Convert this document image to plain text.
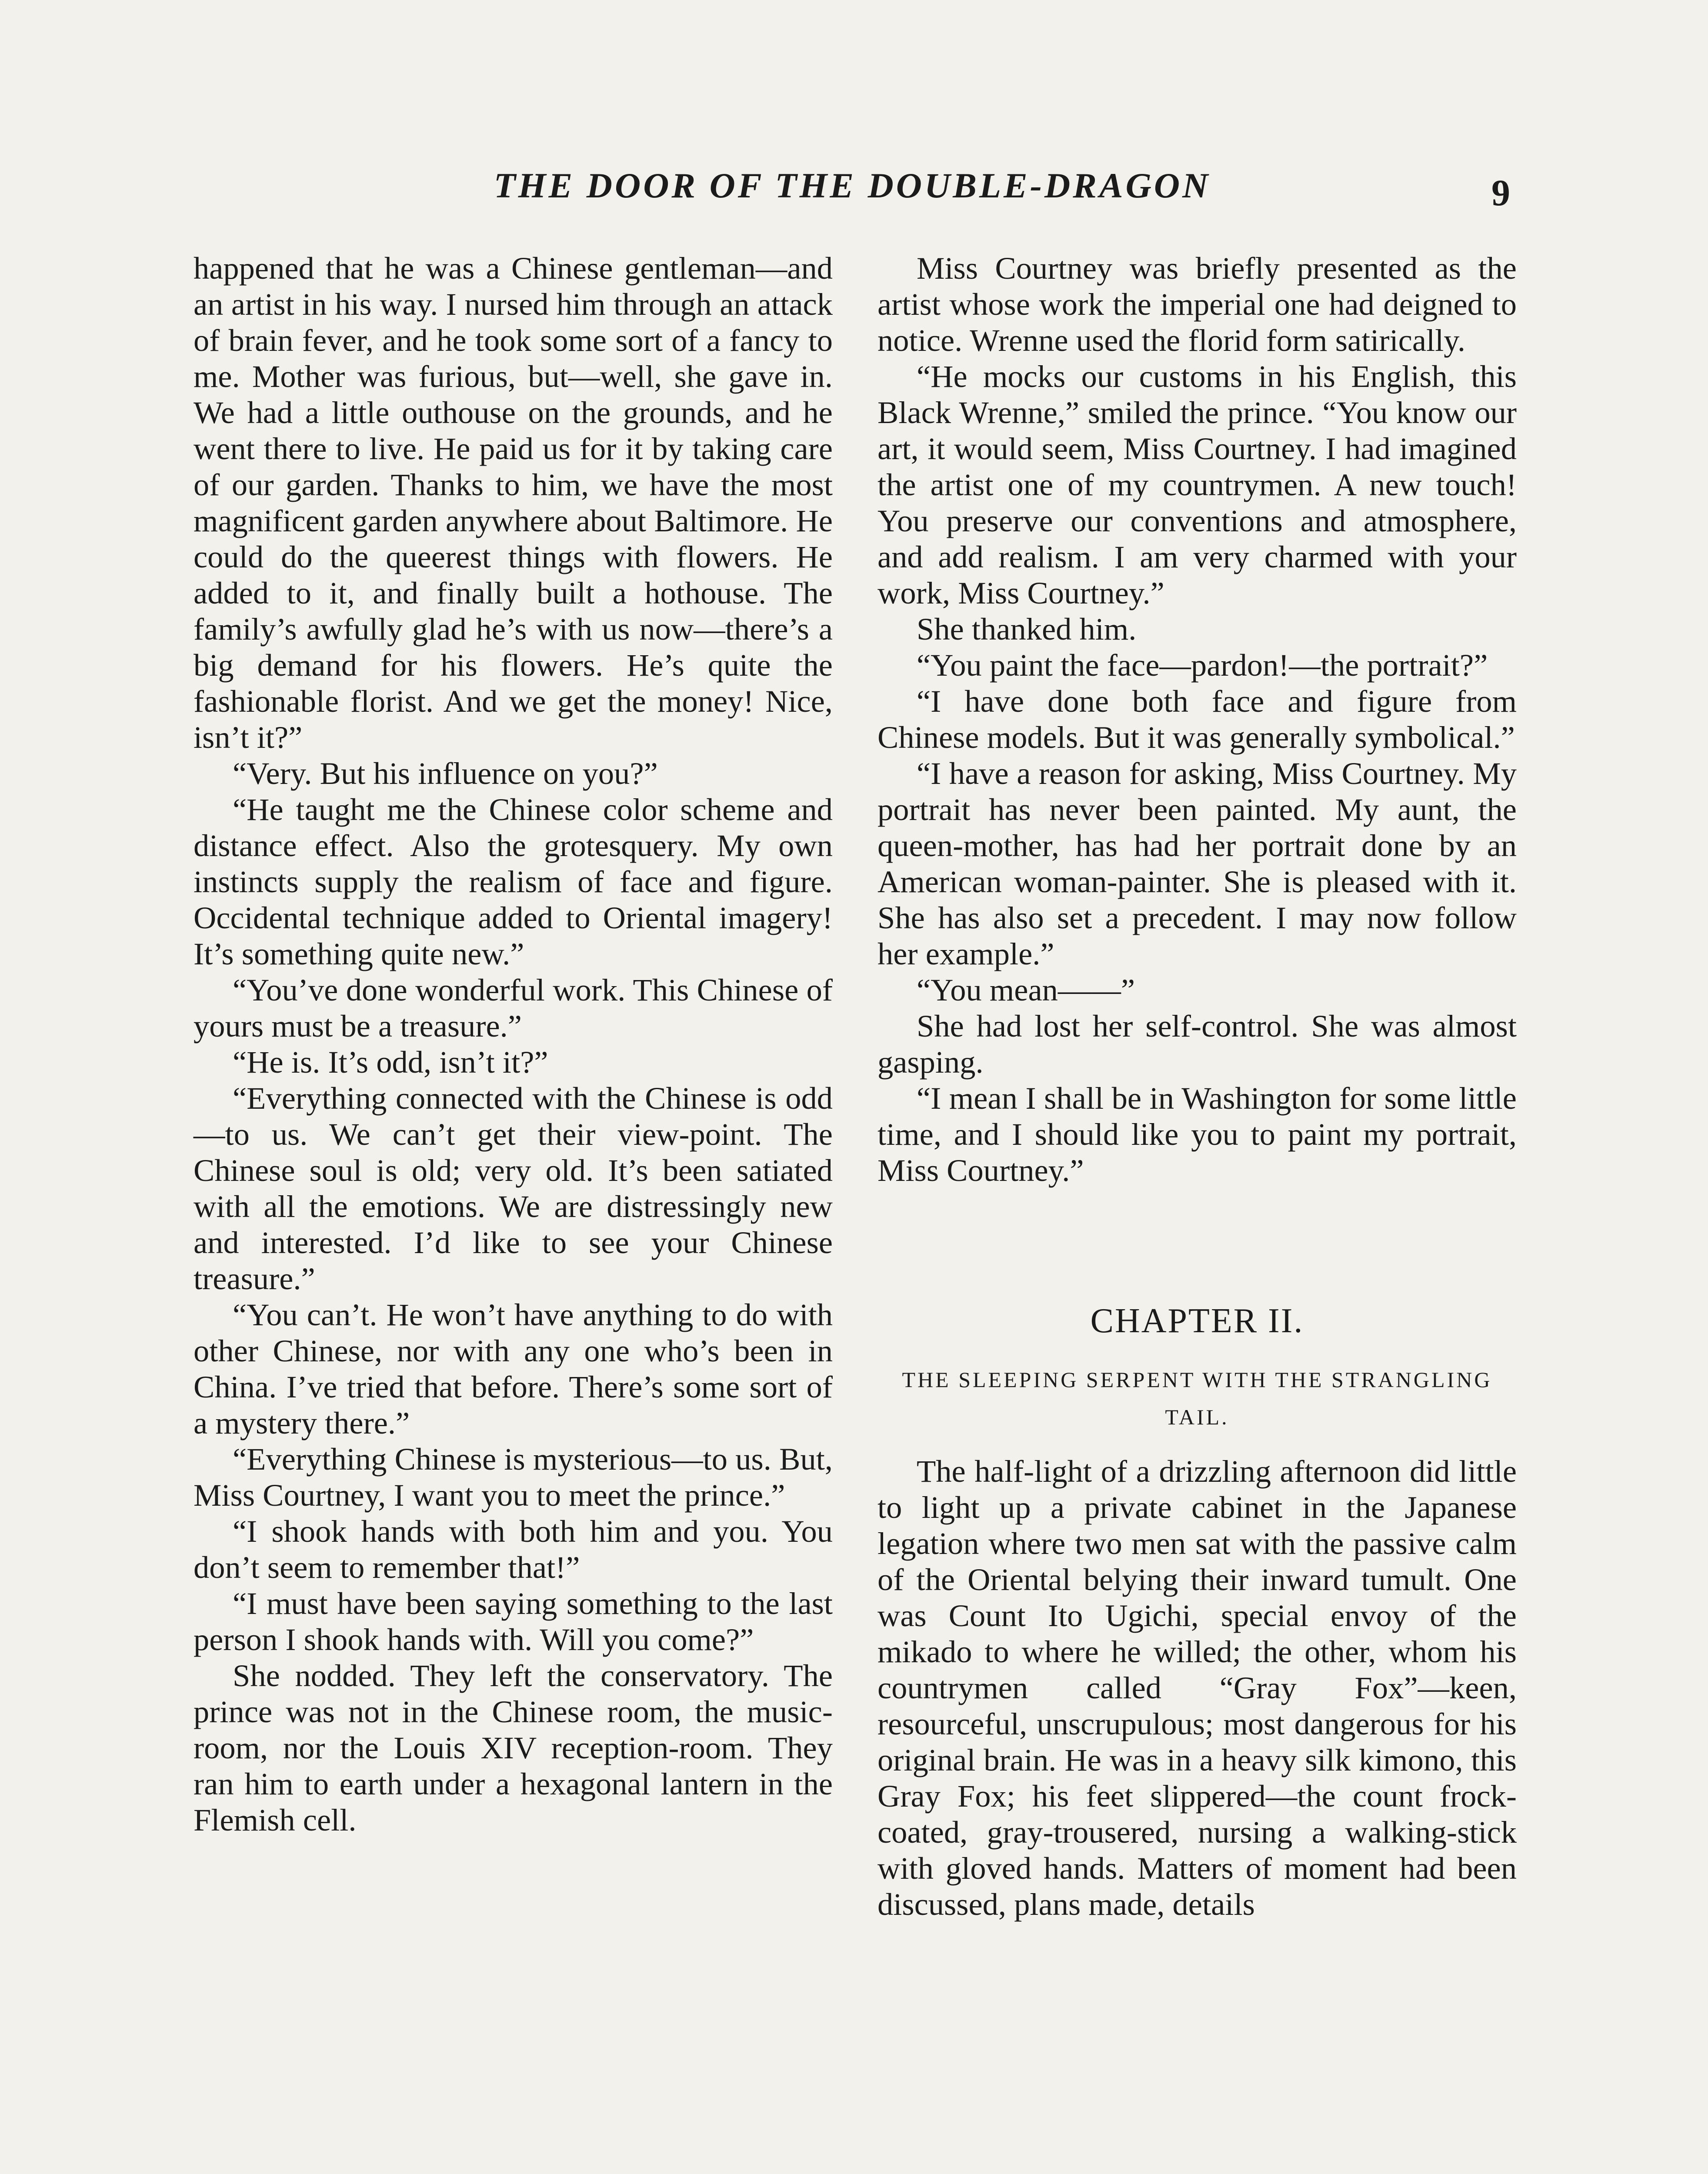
THE DOOR OF THE DOUBLE-DRAGON	9

happened that he was a Chinese gentleman—and an artist in his way. I nursed him through an attack of brain fever, and he took some sort of a fancy to me. Mother was furious, but—well, she gave in. We had a little outhouse on the grounds, and he went there to live. He paid us for it by taking care of our garden. Thanks to him, we have the most magnificent garden anywhere about Baltimore. He could do the queerest things with flowers. He added to it, and finally built a hothouse. The family’s awfully glad he’s with us now—there’s a big demand for his flowers. He’s quite the fashionable florist. And we get the money! Nice, isn’t it?”

“Very. But his influence on you?”

“He taught me the Chinese color scheme and distance effect. Also the grotesquery. My own instincts supply the realism of face and figure. Occidental technique added to Oriental imagery! It’s something quite new.”

“You’ve done wonderful work. This Chinese of yours must be a treasure.”

“He is. It’s odd, isn’t it?”

“Everything connected with the Chinese is odd—to us. We can’t get their view-point. The Chinese soul is old; very old. It’s been satiated with all the emotions. We are distressingly new and interested. I’d like to see your Chinese treasure.”

“You can’t. He won’t have anything to do with other Chinese, nor with any one who’s been in China. I’ve tried that before. There’s some sort of a mystery there.”

“Everything Chinese is mysterious—to us. But, Miss Courtney, I want you to meet the prince.”

“I shook hands with both him and you. You don’t seem to remember that!”

“I must have been saying something to the last person I shook hands with. Will you come?”

She nodded. They left the conservatory. The prince was not in the Chinese room, the music-room, nor the Louis XIV reception-room. They ran him to earth under a hexagonal lantern in the Flemish cell.

Miss Courtney was briefly presented as the artist whose work the imperial one had deigned to notice. Wrenne used the florid form satirically.

“He mocks our customs in his English, this Black Wrenne,” smiled the prince. “You know our art, it would seem, Miss Courtney. I had imagined the artist one of my countrymen. A new touch! You preserve our conventions and atmosphere, and add realism. I am very charmed with your work, Miss Courtney.”

She thanked him.

“You paint the face—pardon!—the portrait?”

“I have done both face and figure from Chinese models. But it was generally symbolical.”

“I have a reason for asking, Miss Courtney. My portrait has never been painted. My aunt, the queen-mother, has had her portrait done by an American woman-painter. She is pleased with it. She has also set a precedent. I may now follow her example.”

“You mean——”

She had lost her self-control. She was almost gasping.

“I mean I shall be in Washington for some little time, and I should like you to paint my portrait, Miss Courtney.”

CHAPTER II.
THE SLEEPING SERPENT WITH THE STRANGLING TAIL.

The half-light of a drizzling afternoon did little to light up a private cabinet in the Japanese legation where two men sat with the passive calm of the Oriental belying their inward tumult. One was Count Ito Ugichi, special envoy of the mikado to where he willed; the other, whom his countrymen called “Gray Fox”—keen, resourceful, unscrupulous; most dangerous for his original brain. He was in a heavy silk kimono, this Gray Fox; his feet slippered—the count frock-coated, gray-trousered, nursing a walking-stick with gloved hands. Matters of moment had been discussed, plans made, details
